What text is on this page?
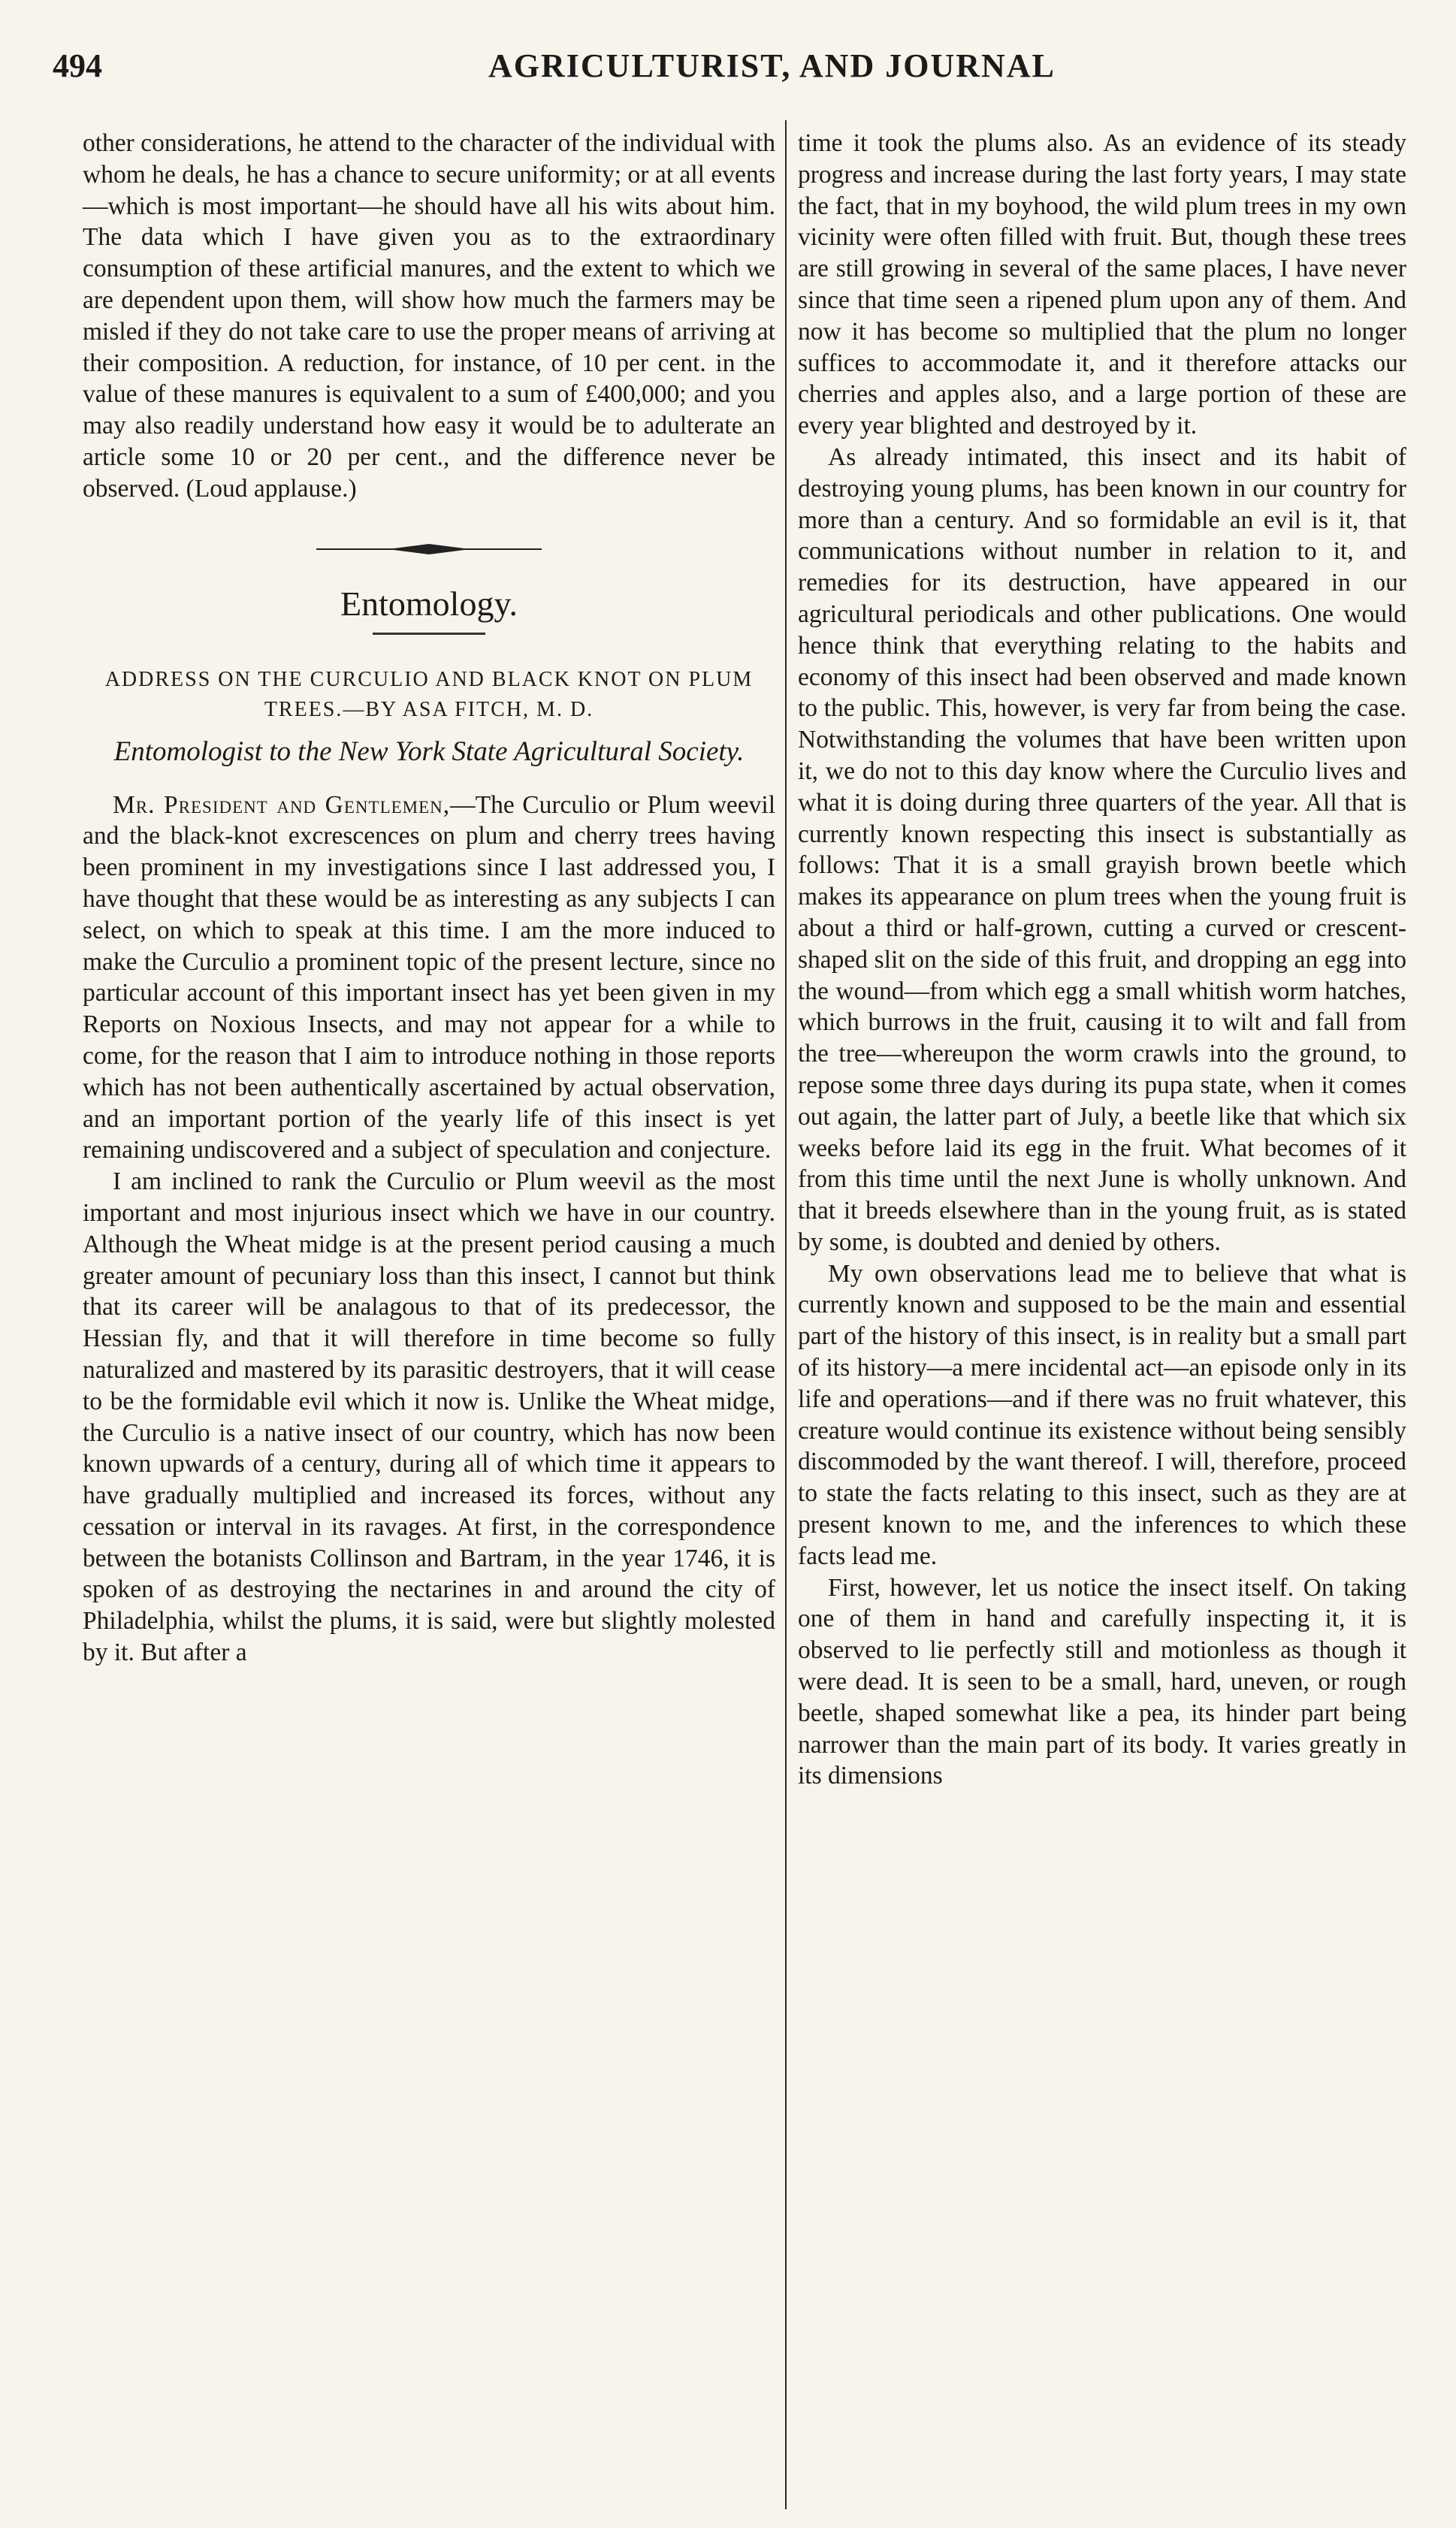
494	AGRICULTURIST, AND JOURNAL

other considerations, he attend to the character of the individual with whom he deals, he has a chance to secure uniformity; or at all events—which is most important—he should have all his wits about him. The data which I have given you as to the extraordinary consumption of these artificial manures, and the extent to which we are dependent upon them, will show how much the farmers may be misled if they do not take care to use the proper means of arriving at their composition. A reduction, for instance, of 10 per cent. in the value of these manures is equivalent to a sum of £400,000; and you may also readily understand how easy it would be to adulterate an article some 10 or 20 per cent., and the difference never be observed. (Loud applause.)

Entomology.
ADDRESS ON THE CURCULIO AND BLACK KNOT ON PLUM TREES.—BY ASA FITCH, M. D.
Entomologist to the New York State Agricultural Society.

Mr. President and Gentlemen,—The Curculio or Plum weevil and the black-knot excrescences on plum and cherry trees having been prominent in my investigations since I last addressed you, I have thought that these would be as interesting as any subjects I can select, on which to speak at this time. I am the more induced to make the Curculio a prominent topic of the present lecture, since no particular account of this important insect has yet been given in my Reports on Noxious Insects, and may not appear for a while to come, for the reason that I aim to introduce nothing in those reports which has not been authentically ascertained by actual observation, and an important portion of the yearly life of this insect is yet remaining undiscovered and a subject of speculation and conjecture.

I am inclined to rank the Curculio or Plum weevil as the most important and most injurious insect which we have in our country. Although the Wheat midge is at the present period causing a much greater amount of pecuniary loss than this insect, I cannot but think that its career will be analagous to that of its predecessor, the Hessian fly, and that it will therefore in time become so fully naturalized and mastered by its parasitic destroyers, that it will cease to be the formidable evil which it now is. Unlike the Wheat midge, the Curculio is a native insect of our country, which has now been known upwards of a century, during all of which time it appears to have gradually multiplied and increased its forces, without any cessation or interval in its ravages. At first, in the correspondence between the botanists Collinson and Bartram, in the year 1746, it is spoken of as destroying the nectarines in and around the city of Philadelphia, whilst the plums, it is said, were but slightly molested by it. But after a

time it took the plums also. As an evidence of its steady progress and increase during the last forty years, I may state the fact, that in my boyhood, the wild plum trees in my own vicinity were often filled with fruit. But, though these trees are still growing in several of the same places, I have never since that time seen a ripened plum upon any of them. And now it has become so multiplied that the plum no longer suffices to accommodate it, and it therefore attacks our cherries and apples also, and a large portion of these are every year blighted and destroyed by it.

As already intimated, this insect and its habit of destroying young plums, has been known in our country for more than a century. And so formidable an evil is it, that communications without number in relation to it, and remedies for its destruction, have appeared in our agricultural periodicals and other publications. One would hence think that everything relating to the habits and economy of this insect had been observed and made known to the public. This, however, is very far from being the case. Notwithstanding the volumes that have been written upon it, we do not to this day know where the Curculio lives and what it is doing during three quarters of the year. All that is currently known respecting this insect is substantially as follows: That it is a small grayish brown beetle which makes its appearance on plum trees when the young fruit is about a third or half-grown, cutting a curved or crescent-shaped slit on the side of this fruit, and dropping an egg into the wound—from which egg a small whitish worm hatches, which burrows in the fruit, causing it to wilt and fall from the tree—whereupon the worm crawls into the ground, to repose some three days during its pupa state, when it comes out again, the latter part of July, a beetle like that which six weeks before laid its egg in the fruit. What becomes of it from this time until the next June is wholly unknown. And that it breeds elsewhere than in the young fruit, as is stated by some, is doubted and denied by others.

My own observations lead me to believe that what is currently known and supposed to be the main and essential part of the history of this insect, is in reality but a small part of its history—a mere incidental act—an episode only in its life and operations—and if there was no fruit whatever, this creature would continue its existence without being sensibly discommoded by the want thereof. I will, therefore, proceed to state the facts relating to this insect, such as they are at present known to me, and the inferences to which these facts lead me.

First, however, let us notice the insect itself. On taking one of them in hand and carefully inspecting it, it is observed to lie perfectly still and motionless as though it were dead. It is seen to be a small, hard, uneven, or rough beetle, shaped somewhat like a pea, its hinder part being narrower than the main part of its body. It varies greatly in its dimensions
